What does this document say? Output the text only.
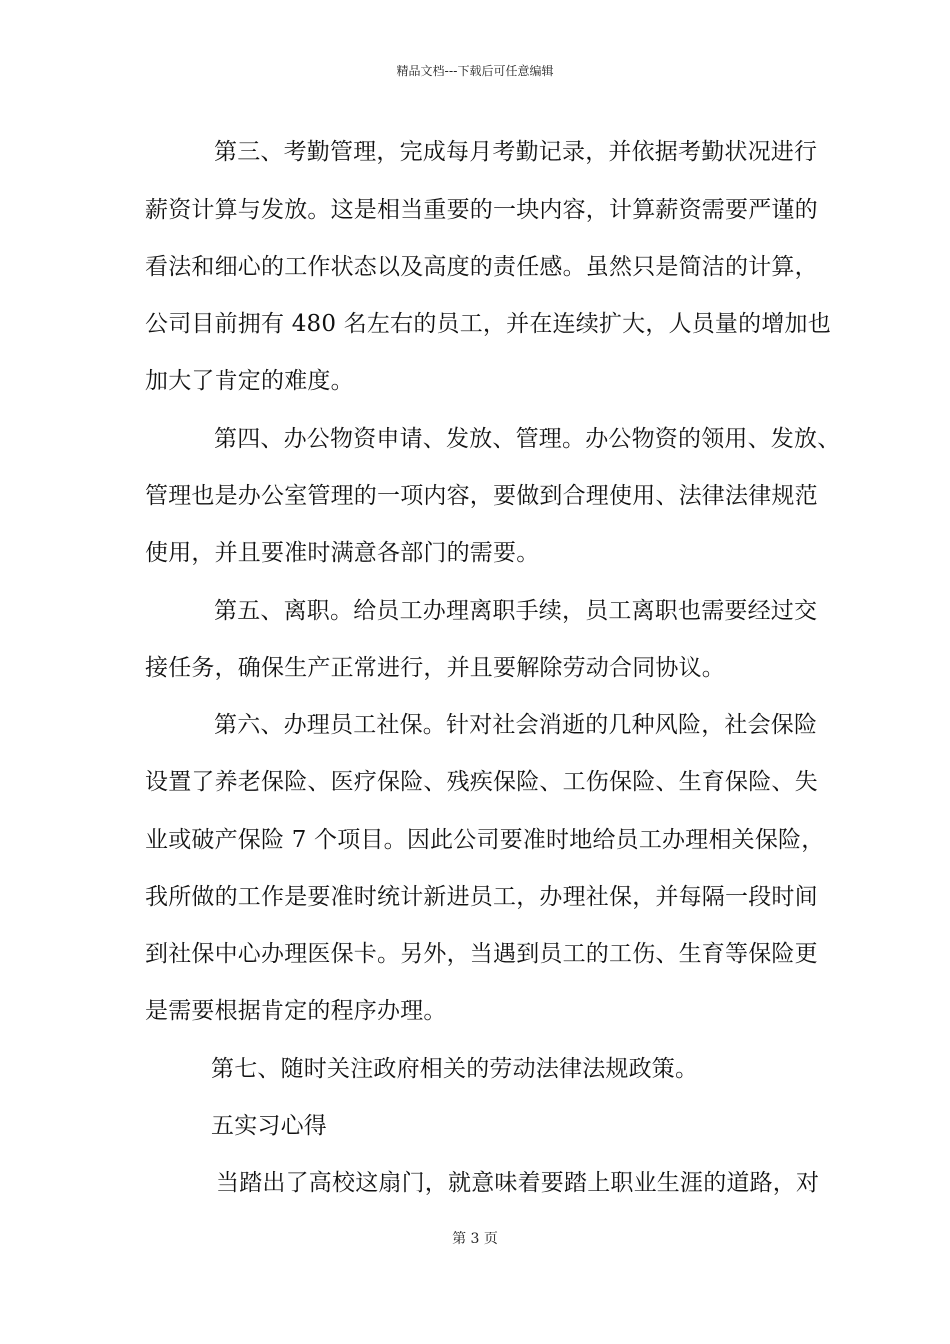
精品文档---下载后可任意编辑
第三、考勤管理，完成每月考勤记录，并依据考勤状况进行
薪资计算与发放。这是相当重要的一块内容，计算薪资需要严谨的
看法和细心的工作状态以及高度的责任感。虽然只是简洁的计算，
公司目前拥有 480 名左右的员工，并在连续扩大，人员量的增加也
加大了肯定的难度。
第四、办公物资申请、发放、管理。办公物资的领用、发放、
管理也是办公室管理的一项内容，要做到合理使用、法律法律规范
使用，并且要准时满意各部门的需要。
第五、离职。给员工办理离职手续，员工离职也需要经过交
接任务，确保生产正常进行，并且要解除劳动合同协议。
第六、办理员工社保。针对社会消逝的几种风险，社会保险
设置了养老保险、医疗保险、残疾保险、工伤保险、生育保险、失
业或破产保险 7 个项目。因此公司要准时地给员工办理相关保险，
我所做的工作是要准时统计新进员工，办理社保，并每隔一段时间
到社保中心办理医保卡。另外，当遇到员工的工伤、生育等保险更
是需要根据肯定的程序办理。
第七、随时关注政府相关的劳动法律法规政策。
五实习心得
当踏出了高校这扇门，就意味着要踏上职业生涯的道路，对
第 3 页
